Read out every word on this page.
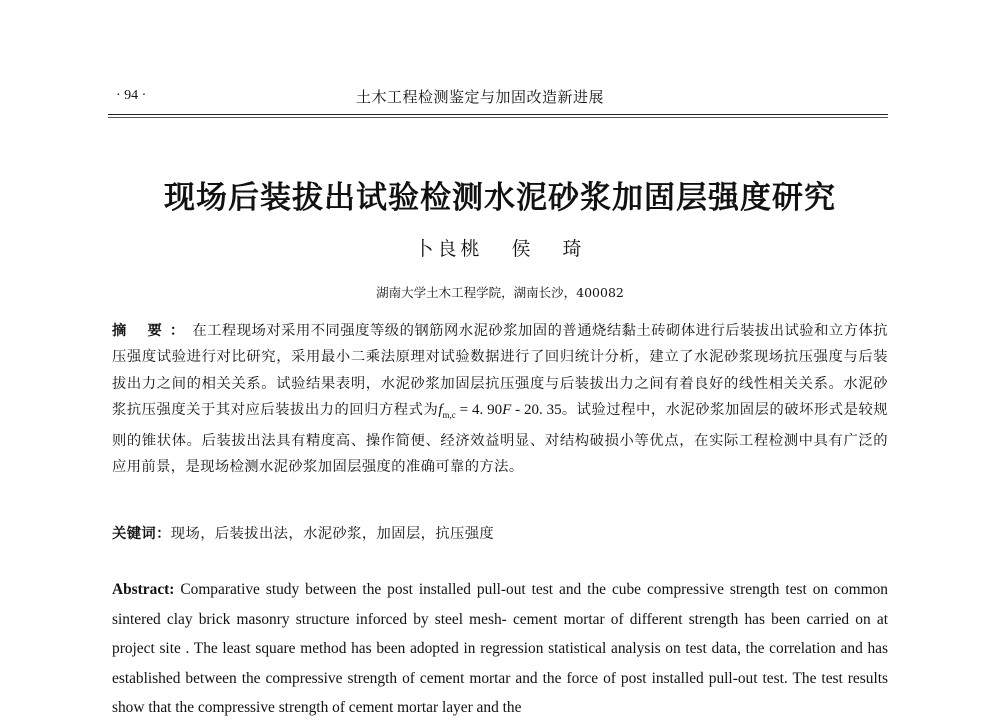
· 94 ·	土木工程检测鉴定与加固改造新进展
现场后装拔出试验检测水泥砂浆加固层强度研究
卜良桃 侯 琦
湖南大学土木工程学院，湖南长沙，400082
摘 要：在工程现场对采用不同强度等级的钢筋网水泥砂浆加固的普通烧结黏土砖砌体进行后装拔出试验和立方体抗压强度试验进行对比研究，采用最小二乘法原理对试验数据进行了回归统计分析，建立了水泥砂浆现场抗压强度与后装拔出力之间的相关关系。试验结果表明，水泥砂浆加固层抗压强度与后装拔出力之间有着良好的线性相关关系。水泥砂浆抗压强度关于其对应后装拔出力的回归方程式为$f_{m,c} = 4$. 90F - 20. 35。试验过程中，水泥砂浆加固层的破坏形式是较规则的锥状体。后装拔出法具有精度高、操作简便、经济效益明显、对结构破损小等优点，在实际工程检测中具有广泛的应用前景，是现场检测水泥砂浆加固层强度的准确可靠的方法。
关键词：现场，后装拔出法，水泥砂浆，加固层，抗压强度
Abstract: Comparative study between the post installed pull-out test and the cube compressive strength test on common sintered clay brick masonry structure inforced by steel mesh- cement mortar of different strength has been carried on at project site . The least square method has been adopted in regression statistical analysis on test data, the correlation and has established between the compressive strength of cement mortar and the force of post installed pull-out test. The test results show that the compressive strength of cement mortar layer and the
